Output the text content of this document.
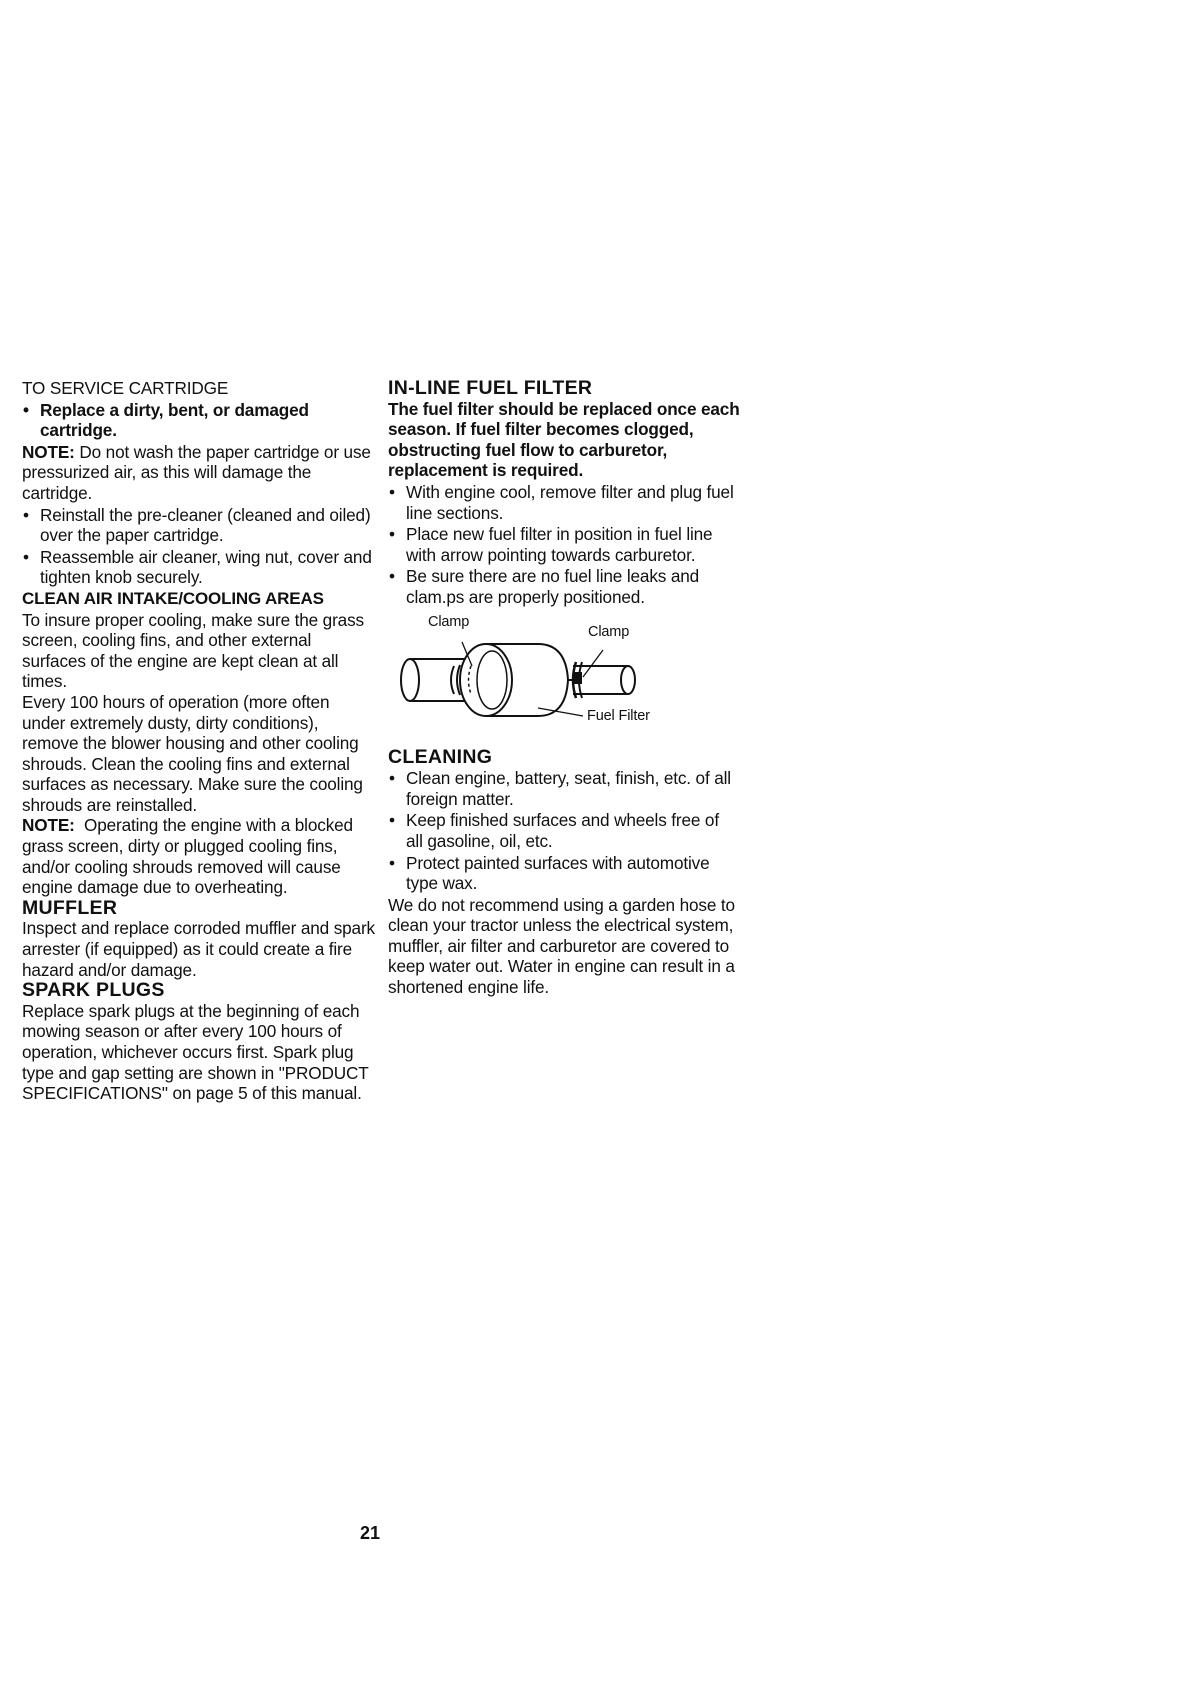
TO SERVICE CARTRIDGE

• Replace a dirty, bent, or damaged cartridge.

NOTE: Do not wash the paper cartridge or use pressurized air, as this will damage the cartridge.

• Reinstall the pre-cleaner (cleaned and oiled) over the paper cartridge.
• Reassemble air cleaner, wing nut, cover and tighten knob securely.

CLEAN AIR INTAKE/COOLING AREAS

To insure proper cooling, make sure the grass screen, cooling fins, and other external surfaces of the engine are kept clean at all times.

Every 100 hours of operation (more often under extremely dusty, dirty conditions), remove the blower housing and other cooling shrouds. Clean the cooling fins and external surfaces as necessary. Make sure the cooling shrouds are reinstalled.

NOTE: Operating the engine with a blocked grass screen, dirty or plugged cooling fins, and/or cooling shrouds removed will cause engine damage due to overheating.

MUFFLER

Inspect and replace corroded muffler and spark arrester (if equipped) as it could create a fire hazard and/or damage.

SPARK PLUGS

Replace spark plugs at the beginning of each mowing season or after every 100 hours of operation, whichever occurs first. Spark plug type and gap setting are shown in "PRODUCT SPECIFICATIONS" on page 5 of this manual.

IN-LINE FUEL FILTER

The fuel filter should be replaced once each season. If fuel filter becomes clogged, obstructing fuel flow to carburetor, replacement is required.

• With engine cool, remove filter and plug fuel line sections.
• Place new fuel filter in position in fuel line with arrow pointing towards carburetor.
• Be sure there are no fuel line leaks and clam.ps are properly positioned.
Clamp
Clamp
Fuel Filter

CLEANING

• Clean engine, battery, seat, finish, etc. of all foreign matter.
• Keep finished surfaces and wheels free of all gasoline, oil, etc.
• Protect painted surfaces with automotive type wax.

We do not recommend using a garden hose to clean your tractor unless the electrical system, muffler, air filter and carburetor are covered to keep water out. Water in engine can result in a shortened engine life.

21
